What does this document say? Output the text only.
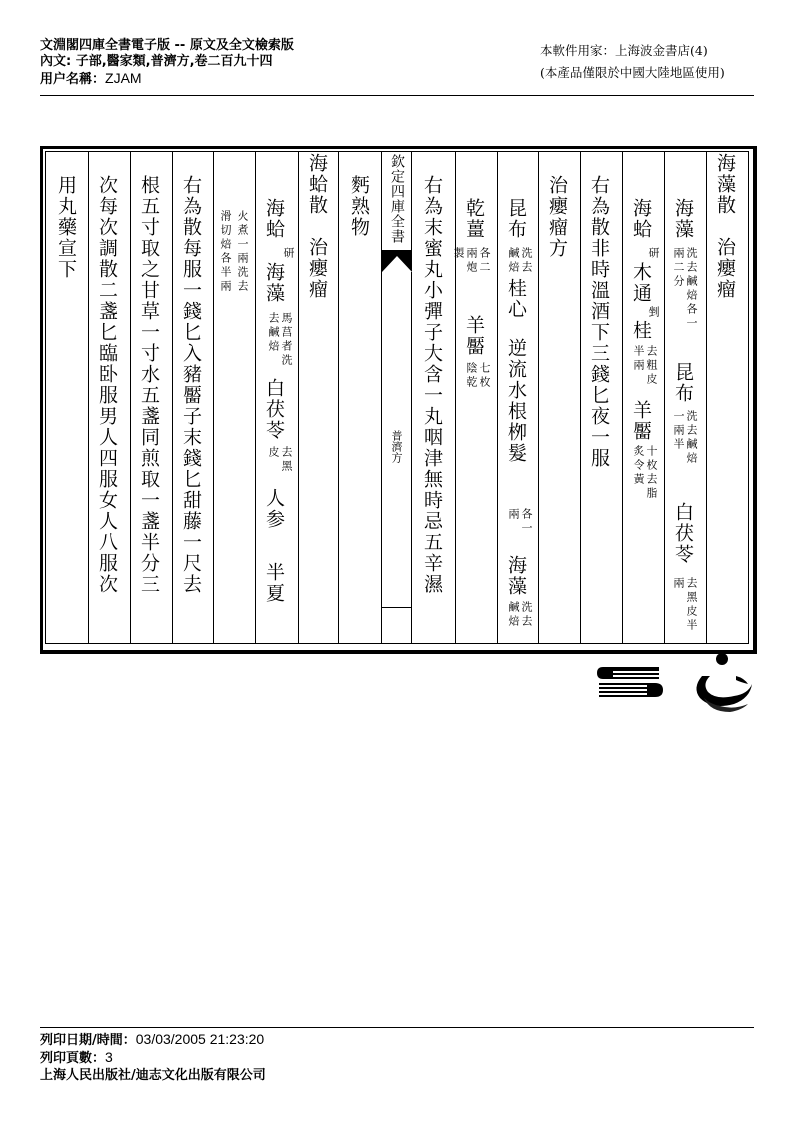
文淵閣四庫全書電子版 -- 原文及全文檢索版
內文: 子部,醫家類,普濟方,卷二百九十四
用户名稱：ZJAM
本軟件用家：上海波金書店(4)
(本產品僅限於中國大陸地區使用)
欽定四庫全書
普濟方
海藻散　治癭瘤
海藻
洗去鹹焙各一兩二分
昆布
洗去鹹焙一兩半
白茯苓
去黑皮半兩
海蛤
研
木通
剉
桂
去粗皮半兩
羊靨
十枚去脂炙令黃
右為散非時溫酒下三錢匕夜一服
治癭瘤方
昆布
洗去鹹焙
桂心
逆流水根栁髮
各一兩
海藻
洗去鹹焙
乾薑
各二兩炮製
羊靨
七枚陰乾
右為末蜜丸小彈子大含一丸咽津無時忌五辛濕
麫熟物
海蛤散　治癭瘤
海蛤
研
海藻
馬莒者洗去鹹焙
白茯苓
去黑皮
人参
半夏
火煮一兩洗去
滑切焙各半兩
右為散每服一錢匕入豬靨子末錢匕甜藤一尺去
根五寸取之甘草一寸水五盞同煎取一盞半分三
次每次調散二盞匕臨卧服男人四服女人八服次
用丸藥宣下
列印日期/時間：03/03/2005 21:23:20
列印頁數：3
上海人民出版社/迪志文化出版有限公司
